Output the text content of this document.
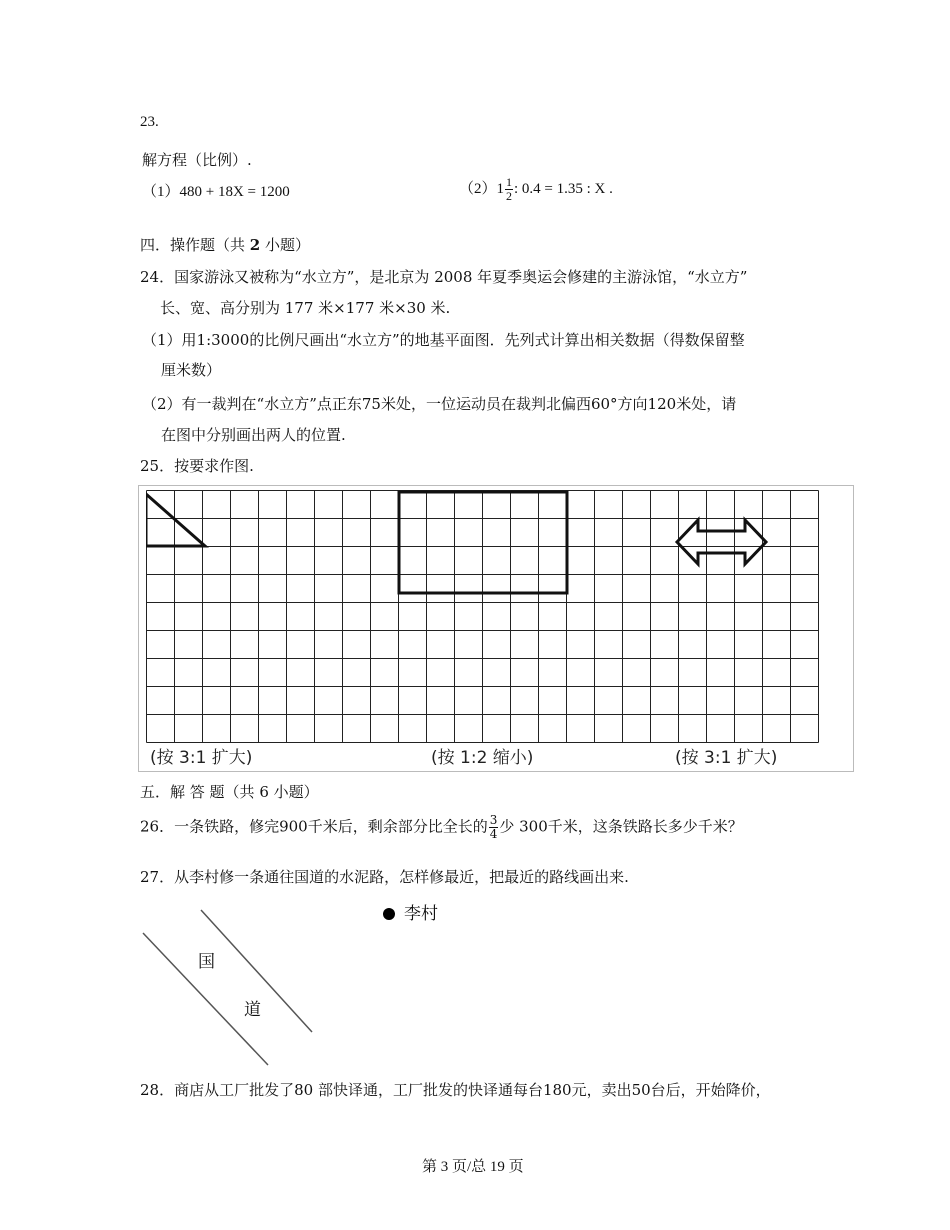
23.
解方程（比例）.
（1）480 + 18X = 1200	$(2)1 \frac{1}{2}$ : 0.4 = 1.35 : X .
四．操作题（共 2 小题）
24．国家游泳又被称为“水立方”，是北京为 2008 年夏季奥运会修建的主游泳馆，“水立方”
长、宽、高分别为 177 米×177 米×30 米.
（1）用1:3000的比例尺画出“水立方”的地基平面图．先列式计算出相关数据（得数保留整
厘米数）
（2）有一裁判在“水立方”点正东75米处，一位运动员在裁判北偏西60°方向120米处，请
在图中分别画出两人的位置.
25．按要求作图.
(按 3:1 扩大)	(按 1:2 缩小)	(按 3:1 扩大)
五．解 答 题（共 6 小题）
26．一条铁路，修完900千米后，剩余部分比全长的 $\frac{3}{4}$ 少 300千米，这条铁路长多少千米？
27．从李村修一条通往国道的水泥路，怎样修最近，把最近的路线画出来.
李村
国
道
28．商店从工厂批发了80 部快译通，工厂批发的快译通每台180元，卖出50台后，开始降价，
第 3 页/总 19 页
